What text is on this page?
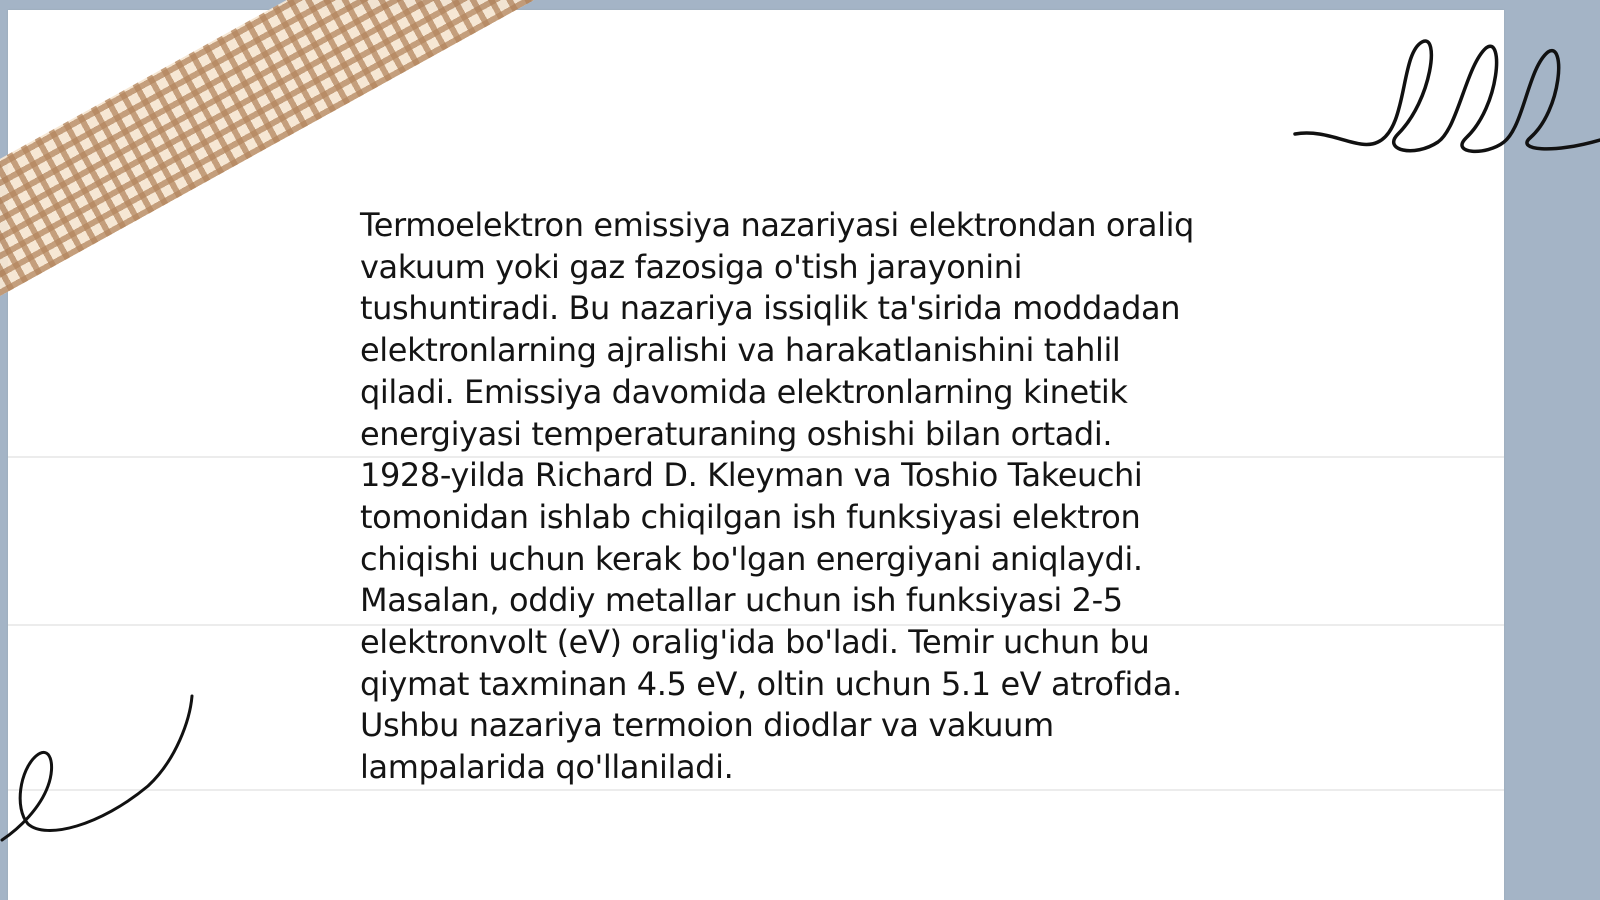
Termoelektron emissiya nazariyasi elektrondan oraliq
vakuum yoki gaz fazosiga o'tish jarayonini
tushuntiradi. Bu nazariya issiqlik ta'sirida moddadan
elektronlarning ajralishi va harakatlanishini tahlil
qiladi. Emissiya davomida elektronlarning kinetik
energiyasi temperaturaning oshishi bilan ortadi.
1928-yilda Richard D. Kleyman va Toshio Takeuchi
tomonidan ishlab chiqilgan ish funksiyasi elektron
chiqishi uchun kerak bo'lgan energiyani aniqlaydi.
Masalan, oddiy metallar uchun ish funksiyasi 2-5
elektronvolt (eV) oralig'ida bo'ladi. Temir uchun bu
qiymat taxminan 4.5 eV, oltin uchun 5.1 eV atrofida.
Ushbu nazariya termoion diodlar va vakuum
lampalarida qo'llaniladi.
